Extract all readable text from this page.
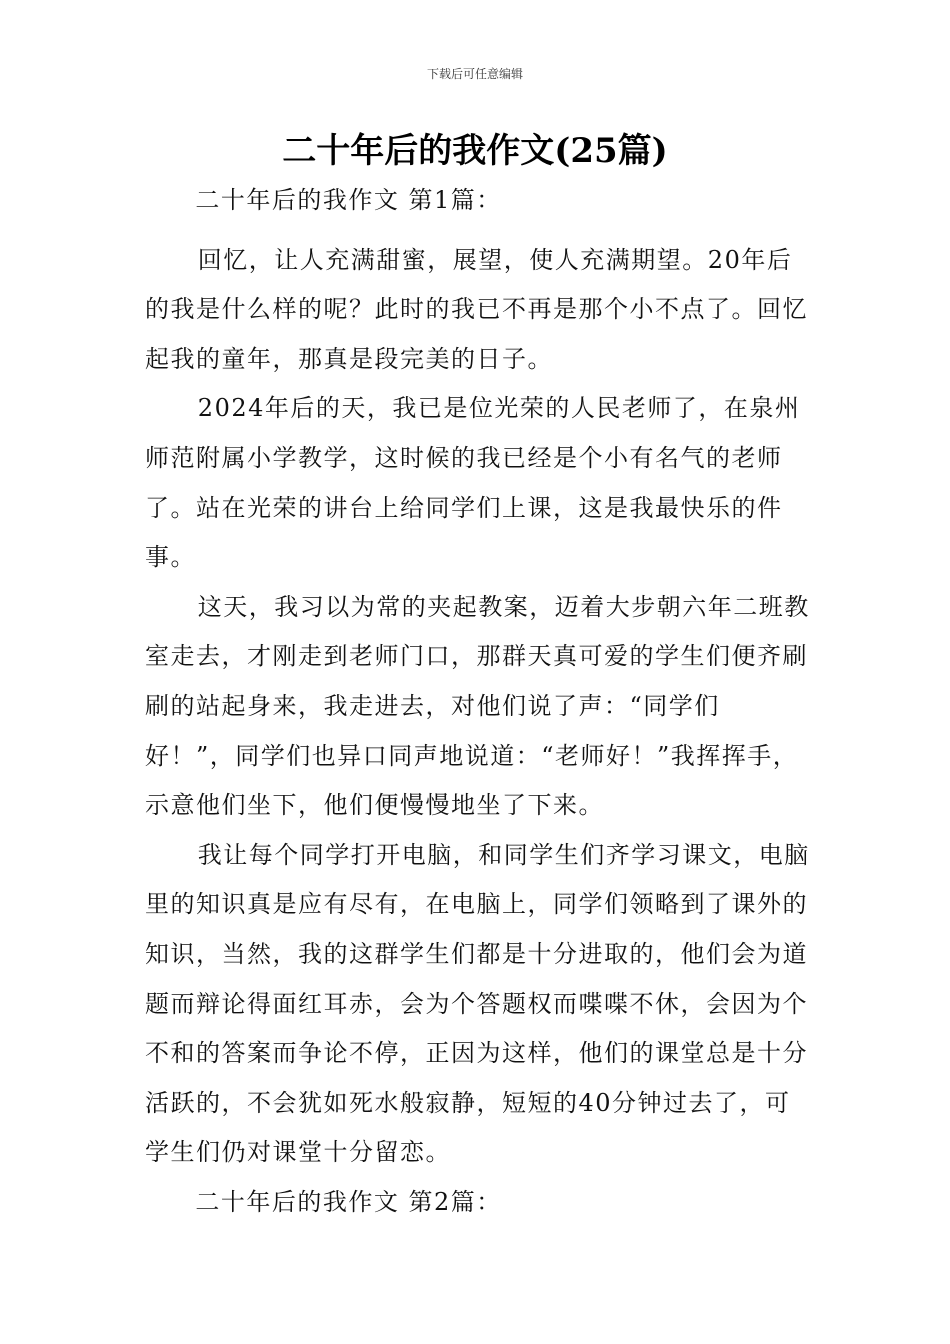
下载后可任意编辑
二十年后的我作文(25篇)

二十年后的我作文 第1篇：

回忆，让人充满甜蜜，展望，使人充满期望。20年后的我是什么样的呢？此时的我已不再是那个小不点了。回忆起我的童年，那真是段完美的日子。

2024年后的天，我已是位光荣的人民老师了，在泉州师范附属小学教学，这时候的我已经是个小有名气的老师了。站在光荣的讲台上给同学们上课，这是我最快乐的件事。

这天，我习以为常的夹起教案，迈着大步朝六年二班教室走去，才刚走到老师门口，那群天真可爱的学生们便齐刷刷的站起身来，我走进去，对他们说了声：“同学们好！”，同学们也异口同声地说道：“老师好！”我挥挥手，示意他们坐下，他们便慢慢地坐了下来。

我让每个同学打开电脑，和同学生们齐学习课文，电脑里的知识真是应有尽有，在电脑上，同学们领略到了课外的知识，当然，我的这群学生们都是十分进取的，他们会为道题而辩论得面红耳赤，会为个答题权而喋喋不休，会因为个不和的答案而争论不停，正因为这样，他们的课堂总是十分活跃的，不会犹如死水般寂静，短短的40分钟过去了，可学生们仍对课堂十分留恋。

二十年后的我作文 第2篇：
